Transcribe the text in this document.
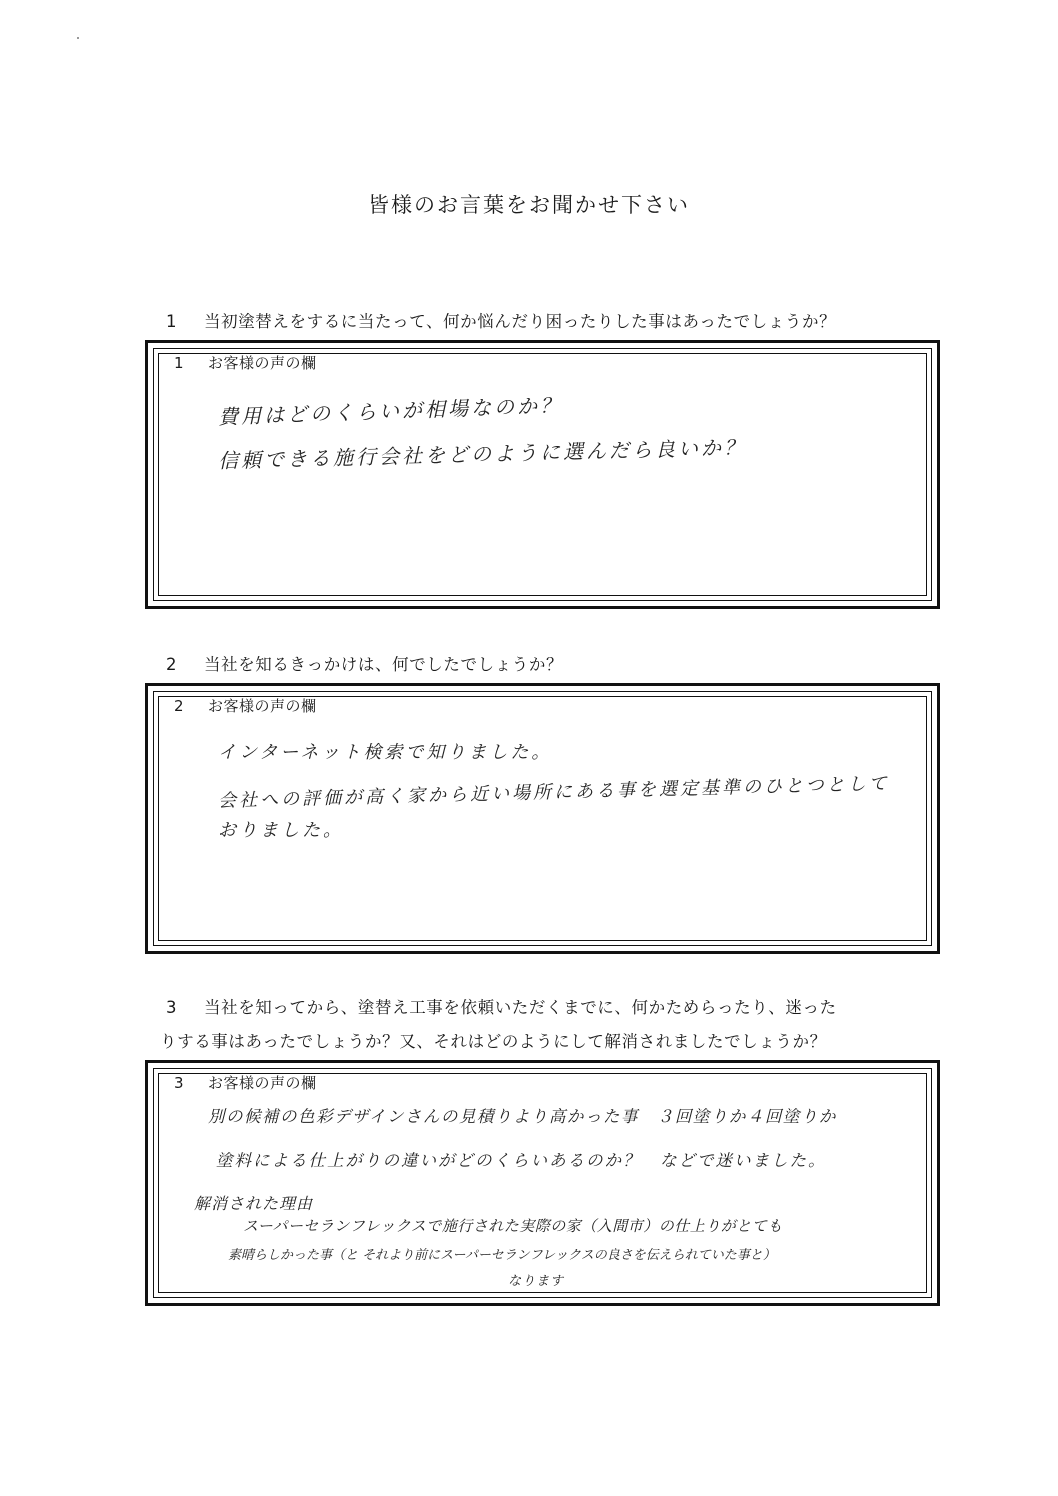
皆様のお言葉をお聞かせ下さい
1 当初塗替えをするに当たって、何か悩んだり困ったりした事はあったでしょうか？
1 お客様の声の欄
費用はどのくらいが相場なのか？
信頼できる施行会社をどのように選んだら良いか？
2 当社を知るきっかけは、何でしたでしょうか？
2 お客様の声の欄
インターネット検索で知りました。
会社への評価が高く家から近い場所にある事を選定基準のひとつとして
おりました。
3 当社を知ってから、塗替え工事を依頼いただくまでに、何かためらったり、迷った
りする事はあったでしょうか？又、それはどのようにして解消されましたでしょうか？
3 お客様の声の欄
別の候補の色彩デザインさんの見積りより高かった事　３回塗りか４回塗りか
塗料による仕上がりの違いがどのくらいあるのか？　などで迷いました。
解消された理由
スーパーセランフレックスで施行された実際の家（入間市）の仕上りがとても
素晴らしかった事（と それより前にスーパーセランフレックスの良さを伝えられていた事と）
なります
